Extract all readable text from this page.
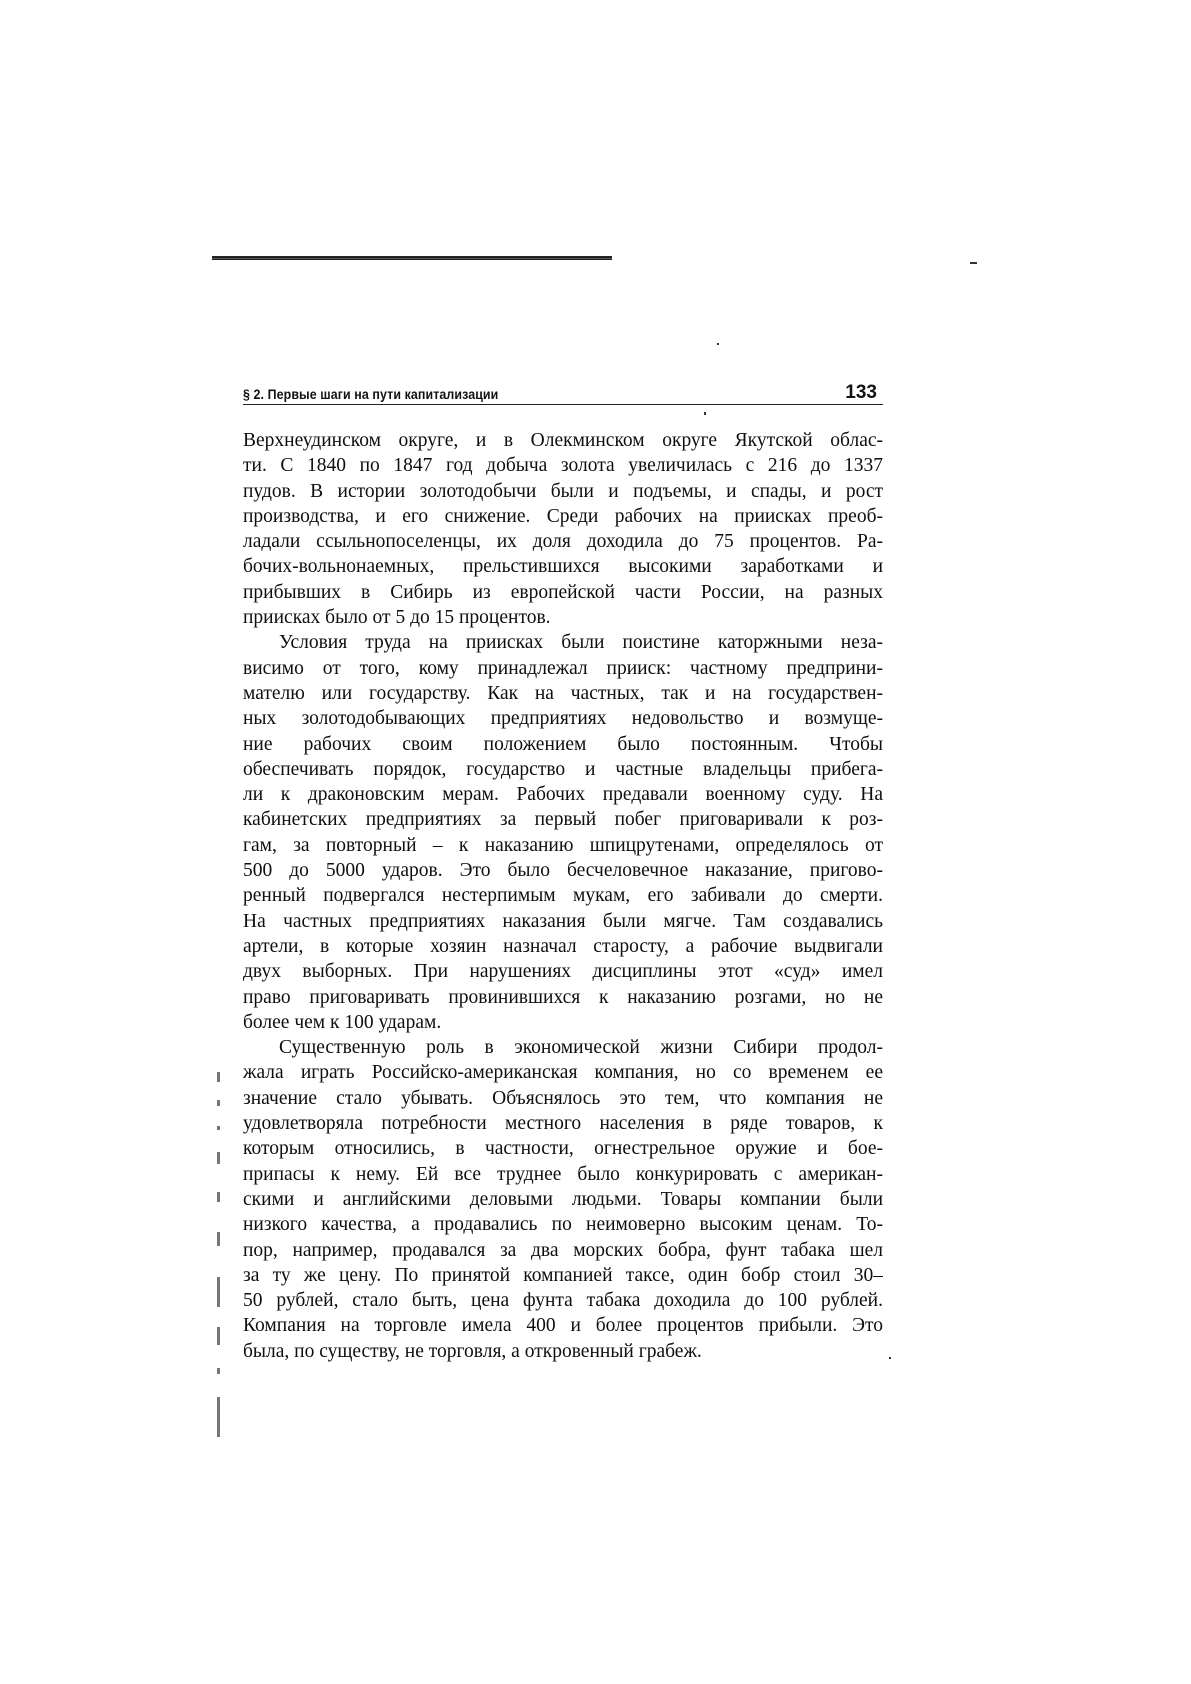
§ 2. Первые шаги на пути капитализации	133
Верхнеудинском округе, и в Олекминском округе Якутской облас-
ти. С 1840 по 1847 год добыча золота увеличилась с 216 до 1337
пудов. В истории золотодобычи были и подъемы, и спады, и рост
производства, и его снижение. Среди рабочих на приисках преоб-
ладали ссыльнопоселенцы, их доля доходила до 75 процентов. Ра-
бочих-вольнонаемных, прельстившихся высокими заработками и
прибывших в Сибирь из европейской части России, на разных
приисках было от 5 до 15 процентов.
Условия труда на приисках были поистине каторжными неза-
висимо от того, кому принадлежал прииск: частному предприни-
мателю или государству. Как на частных, так и на государствен-
ных золотодобывающих предприятиях недовольство и возмуще-
ние рабочих своим положением было постоянным. Чтобы
обеспечивать порядок, государство и частные владельцы прибега-
ли к драконовским мерам. Рабочих предавали военному суду. На
кабинетских предприятиях за первый побег приговаривали к роз-
гам, за повторный – к наказанию шпицрутенами, определялось от
500 до 5000 ударов. Это было бесчеловечное наказание, пригово-
ренный подвергался нестерпимым мукам, его забивали до смерти.
На частных предприятиях наказания были мягче. Там создавались
артели, в которые хозяин назначал старосту, а рабочие выдвигали
двух выборных. При нарушениях дисциплины этот «суд» имел
право приговаривать провинившихся к наказанию розгами, но не
более чем к 100 ударам.
Существенную роль в экономической жизни Сибири продол-
жала играть Российско-американская компания, но со временем ее
значение стало убывать. Объяснялось это тем, что компания не
удовлетворяла потребности местного населения в ряде товаров, к
которым относились, в частности, огнестрельное оружие и бое-
припасы к нему. Ей все труднее было конкурировать с американ-
скими и английскими деловыми людьми. Товары компании были
низкого качества, а продавались по неимоверно высоким ценам. То-
пор, например, продавался за два морских бобра, фунт табака шел
за ту же цену. По принятой компанией таксе, один бобр стоил 30–
50 рублей, стало быть, цена фунта табака доходила до 100 рублей.
Компания на торговле имела 400 и более процентов прибыли. Это
была, по существу, не торговля, а откровенный грабеж.
